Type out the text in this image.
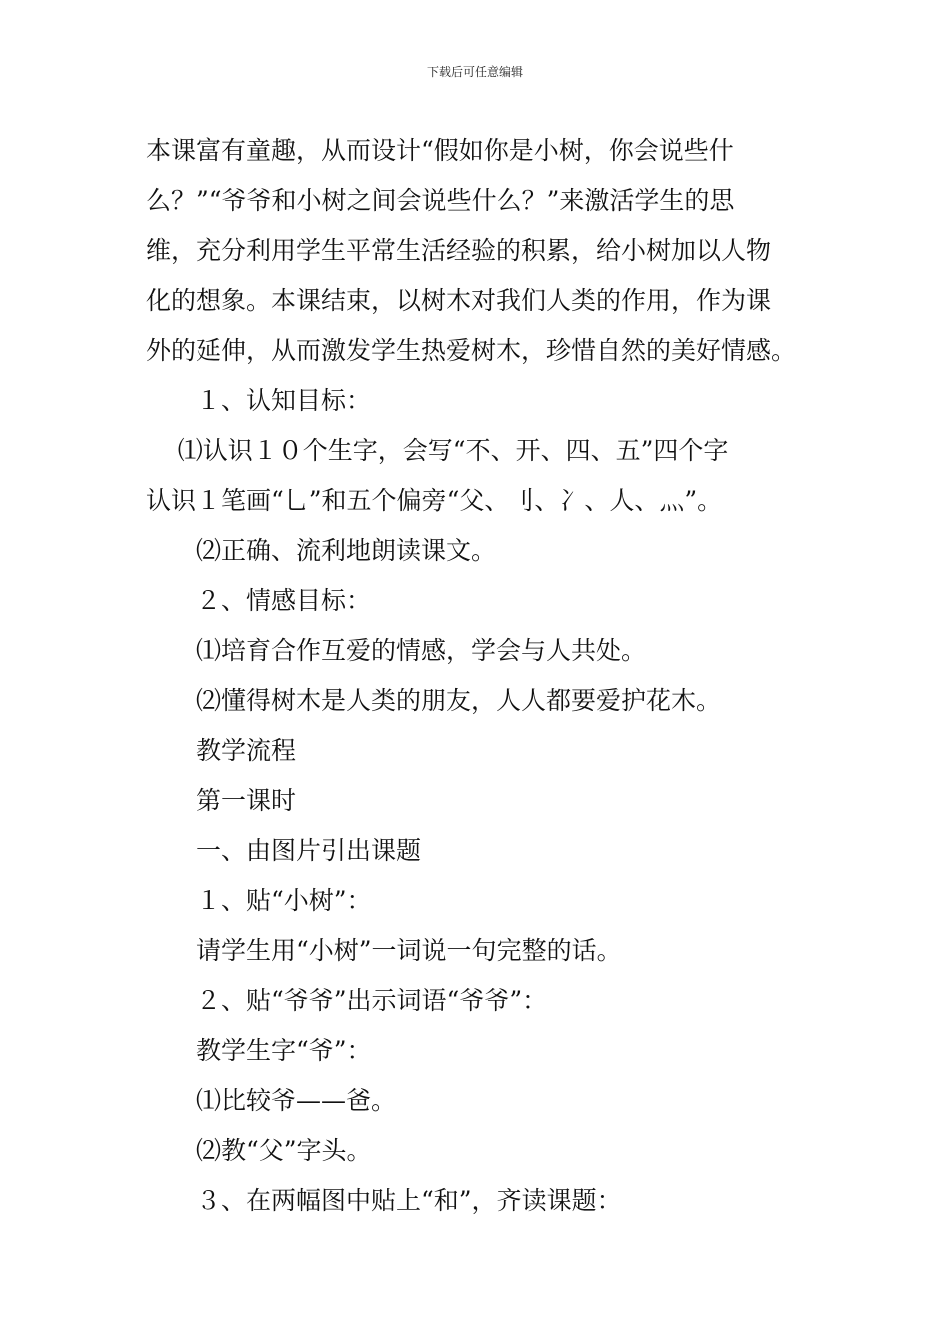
下载后可任意编辑

本课富有童趣，从而设计“假如你是小树，你会说些什

么？”“爷爷和小树之间会说些什么？”来激活学生的思

维，充分利用学生平常生活经验的积累，给小树加以人物

化的想象。本课结束，以树木对我们人类的作用，作为课

外的延伸，从而激发学生热爱树木，珍惜自然的美好情感。

１、认知目标：

⑴认识１０个生字，会写“不、开、四、五”四个字

认识１笔画“乚”和五个偏旁“父、刂、冫、人、灬”。

⑵正确、流利地朗读课文。

２、情感目标：

⑴培育合作互爱的情感，学会与人共处。

⑵懂得树木是人类的朋友，人人都要爱护花木。

教学流程

第一课时

一、由图片引出课题

１、贴“小树”：

请学生用“小树”一词说一句完整的话。

２、贴“爷爷”出示词语“爷爷”：

教学生字“爷”：

⑴比较爷——爸。

⑵教“父”字头。

３、在两幅图中贴上“和”，齐读课题：
